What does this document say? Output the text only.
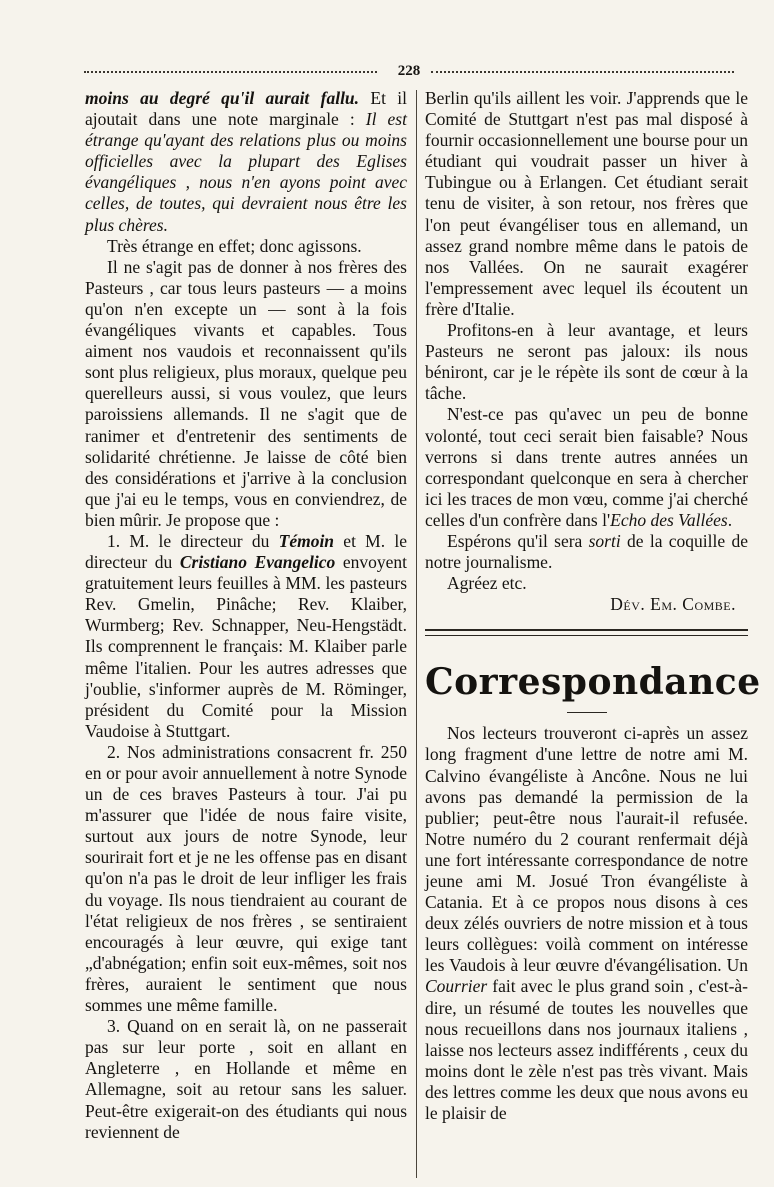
228

moins au degré qu'il aurait fallu. Et il ajoutait dans une note marginale : Il est étrange qu'ayant des relations plus ou moins officielles avec la plupart des Eglises évangéliques , nous n'en ayons point avec celles, de toutes, qui devraient nous être les plus chères.

Très étrange en effet; donc agissons.

Il ne s'agit pas de donner à nos frères des Pasteurs , car tous leurs pasteurs — a moins qu'on n'en excepte un — sont à la fois évangéliques vivants et capables. Tous aiment nos vaudois et reconnaissent qu'ils sont plus religieux, plus moraux, quelque peu querelleurs aussi, si vous voulez, que leurs paroissiens allemands. Il ne s'agit que de ranimer et d'entretenir des sentiments de solidarité chrétienne. Je laisse de côté bien des considérations et j'arrive à la conclusion que j'ai eu le temps, vous en conviendrez, de bien mûrir. Je propose que :

1. M. le directeur du Témoin et M. le directeur du Cristiano Evangelico envoyent gratuitement leurs feuilles à MM. les pasteurs Rev. Gmelin, Pinâche; Rev. Klaiber, Wurmberg; Rev. Schnapper, Neu-Hengstädt. Ils comprennent le français: M. Klaiber parle même l'italien. Pour les autres adresses que j'oublie, s'informer auprès de M. Röminger, président du Comité pour la Mission Vaudoise à Stuttgart.

2. Nos administrations consacrent fr. 250 en or pour avoir annuellement à notre Synode un de ces braves Pasteurs à tour. J'ai pu m'assurer que l'idée de nous faire visite, surtout aux jours de notre Synode, leur sourirait fort et je ne les offense pas en disant qu'on n'a pas le droit de leur infliger les frais du voyage. Ils nous tiendraient au courant de l'état religieux de nos frères , se sentiraient encouragés à leur œuvre, qui exige tant „d'abnégation; enfin soit eux-mêmes, soit nos frères, auraient le sentiment que nous sommes une même famille.

3. Quand on en serait là, on ne passerait pas sur leur porte , soit en allant en Angleterre , en Hollande et même en Allemagne, soit au retour sans les saluer. Peut-être exigerait-on des étudiants qui nous reviennent de

Berlin qu'ils aillent les voir. J'apprends que le Comité de Stuttgart n'est pas mal disposé à fournir occasionnellement une bourse pour un étudiant qui voudrait passer un hiver à Tubingue ou à Erlangen. Cet étudiant serait tenu de visiter, à son retour, nos frères que l'on peut évangéliser tous en allemand, un assez grand nombre même dans le patois de nos Vallées. On ne saurait exagérer l'empressement avec lequel ils écoutent un frère d'Italie.

Profitons-en à leur avantage, et leurs Pasteurs ne seront pas jaloux: ils nous béniront, car je le répète ils sont de cœur à la tâche.

N'est-ce pas qu'avec un peu de bonne volonté, tout ceci serait bien faisable? Nous verrons si dans trente autres années un correspondant quelconque en sera à chercher ici les traces de mon vœu, comme j'ai cherché celles d'un confrère dans l'Echo des Vallées.

Espérons qu'il sera sorti de la coquille de notre journalisme.

Agréez etc.

Dév. Em. Combe.

Correspondance

Nos lecteurs trouveront ci-après un assez long fragment d'une lettre de notre ami M. Calvino évangéliste à Ancône. Nous ne lui avons pas demandé la permission de la publier; peut-être nous l'aurait-il refusée. Notre numéro du 2 courant renfermait déjà une fort intéressante correspondance de notre jeune ami M. Josué Tron évangéliste à Catania. Et à ce propos nous disons à ces deux zélés ouvriers de notre mission et à tous leurs collègues: voilà comment on intéresse les Vaudois à leur œuvre d'évangélisation. Un Courrier fait avec le plus grand soin , c'est-à-dire, un résumé de toutes les nouvelles que nous recueillons dans nos journaux italiens , laisse nos lecteurs assez indifférents , ceux du moins dont le zèle n'est pas très vivant. Mais des lettres comme les deux que nous avons eu le plaisir de
